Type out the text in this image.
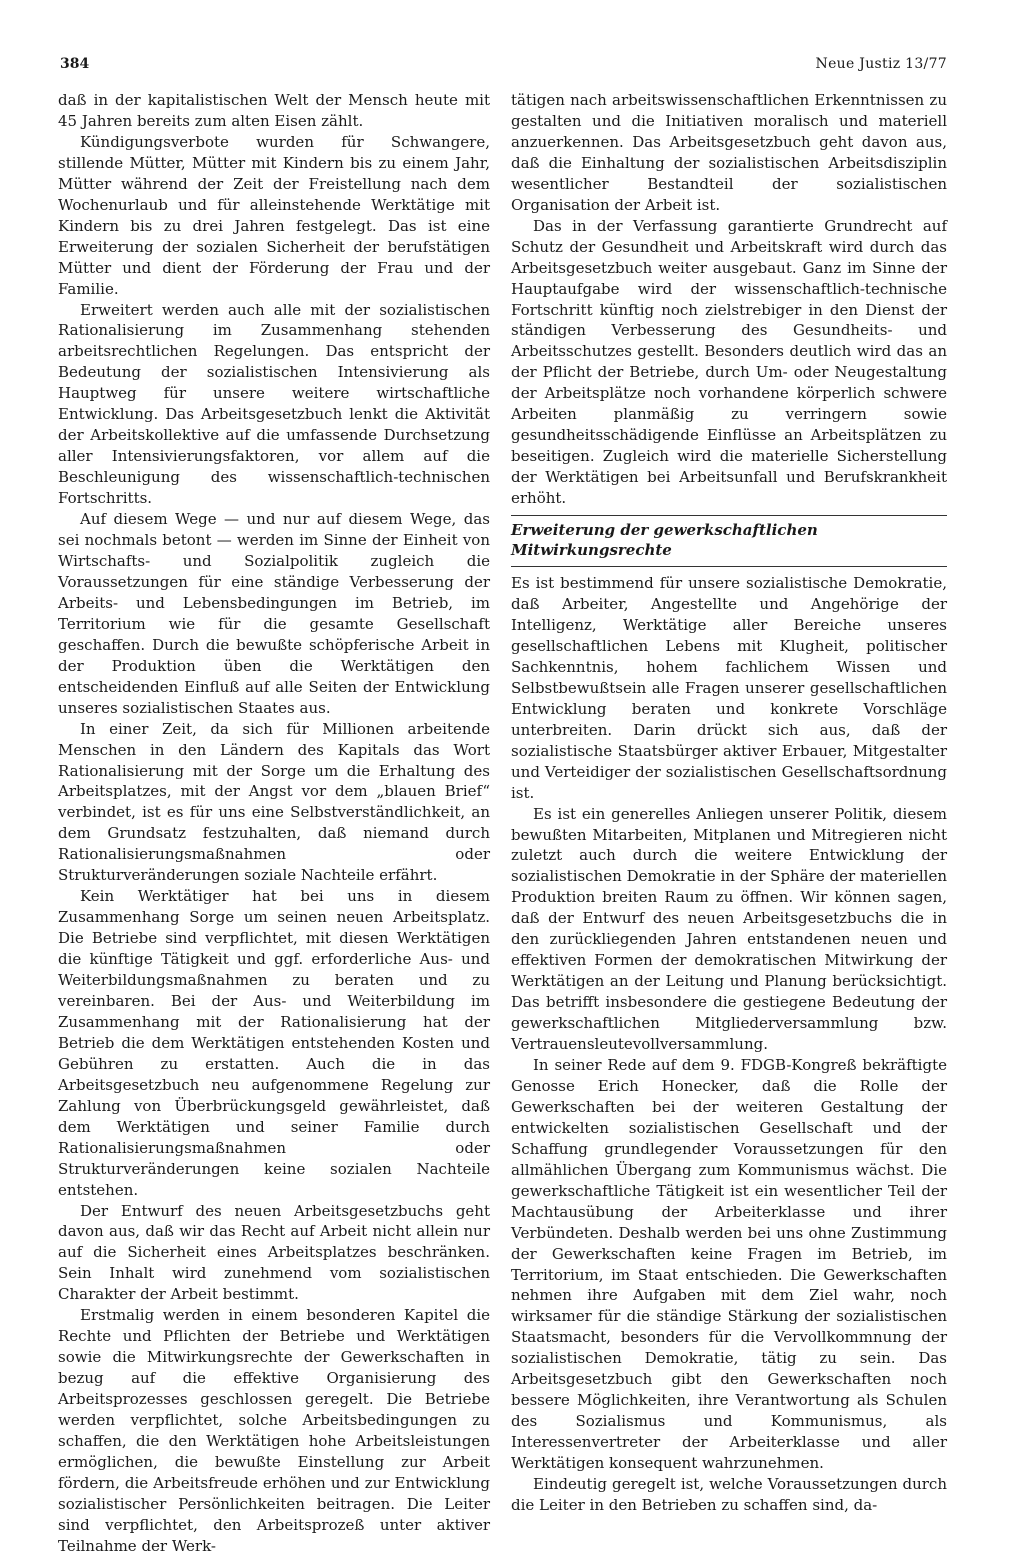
384	Neue Justiz 13/77

daß in der kapitalistischen Welt der Mensch heute mit 45 Jahren bereits zum alten Eisen zählt.

Kündigungsverbote wurden für Schwangere, stillende Mütter, Mütter mit Kindern bis zu einem Jahr, Mütter während der Zeit der Freistellung nach dem Wochenurlaub und für alleinstehende Werktätige mit Kindern bis zu drei Jahren festgelegt. Das ist eine Erweiterung der sozialen Sicherheit der berufstätigen Mütter und dient der Förderung der Frau und der Familie.

Erweitert werden auch alle mit der sozialistischen Rationalisierung im Zusammenhang stehenden arbeitsrechtlichen Regelungen. Das entspricht der Bedeutung der sozialistischen Intensivierung als Hauptweg für unsere weitere wirtschaftliche Entwicklung. Das Arbeitsgesetzbuch lenkt die Aktivität der Arbeitskollektive auf die umfassende Durchsetzung aller Intensivierungsfaktoren, vor allem auf die Beschleunigung des wissenschaftlich-technischen Fortschritts.

Auf diesem Wege — und nur auf diesem Wege, das sei nochmals betont — werden im Sinne der Einheit von Wirtschafts- und Sozialpolitik zugleich die Voraussetzungen für eine ständige Verbesserung der Arbeits- und Lebensbedingungen im Betrieb, im Territorium wie für die gesamte Gesellschaft geschaffen. Durch die bewußte schöpferische Arbeit in der Produktion üben die Werktätigen den entscheidenden Einfluß auf alle Seiten der Entwicklung unseres sozialistischen Staates aus.

In einer Zeit, da sich für Millionen arbeitende Menschen in den Ländern des Kapitals das Wort Rationalisierung mit der Sorge um die Erhaltung des Arbeitsplatzes, mit der Angst vor dem „blauen Brief“ verbindet, ist es für uns eine Selbstverständlichkeit, an dem Grundsatz festzuhalten, daß niemand durch Rationalisierungsmaßnahmen oder Strukturveränderungen soziale Nachteile erfährt.

Kein Werktätiger hat bei uns in diesem Zusammenhang Sorge um seinen neuen Arbeitsplatz. Die Betriebe sind verpflichtet, mit diesen Werktätigen die künftige Tätigkeit und ggf. erforderliche Aus- und Weiterbildungsmaßnahmen zu beraten und zu vereinbaren. Bei der Aus- und Weiterbildung im Zusammenhang mit der Rationalisierung hat der Betrieb die dem Werktätigen entstehenden Kosten und Gebühren zu erstatten. Auch die in das Arbeitsgesetzbuch neu aufgenommene Regelung zur Zahlung von Überbrückungsgeld gewährleistet, daß dem Werktätigen und seiner Familie durch Rationalisierungsmaßnahmen oder Strukturveränderungen keine sozialen Nachteile entstehen.

Der Entwurf des neuen Arbeitsgesetzbuchs geht davon aus, daß wir das Recht auf Arbeit nicht allein nur auf die Sicherheit eines Arbeitsplatzes beschränken. Sein Inhalt wird zunehmend vom sozialistischen Charakter der Arbeit bestimmt.

Erstmalig werden in einem besonderen Kapitel die Rechte und Pflichten der Betriebe und Werktätigen sowie die Mitwirkungsrechte der Gewerkschaften in bezug auf die effektive Organisierung des Arbeitsprozesses geschlossen geregelt. Die Betriebe werden verpflichtet, solche Arbeitsbedingungen zu schaffen, die den Werktätigen hohe Arbeitsleistungen ermöglichen, die bewußte Einstellung zur Arbeit fördern, die Arbeitsfreude erhöhen und zur Entwicklung sozialistischer Persönlichkeiten beitragen. Die Leiter sind verpflichtet, den Arbeitsprozeß unter aktiver Teilnahme der Werk-

tätigen nach arbeitswissenschaftlichen Erkenntnissen zu gestalten und die Initiativen moralisch und materiell anzuerkennen. Das Arbeitsgesetzbuch geht davon aus, daß die Einhaltung der sozialistischen Arbeitsdisziplin wesentlicher Bestandteil der sozialistischen Organisation der Arbeit ist.

Das in der Verfassung garantierte Grundrecht auf Schutz der Gesundheit und Arbeitskraft wird durch das Arbeitsgesetzbuch weiter ausgebaut. Ganz im Sinne der Hauptaufgabe wird der wissenschaftlich-technische Fortschritt künftig noch zielstrebiger in den Dienst der ständigen Verbesserung des Gesundheits- und Arbeitsschutzes gestellt. Besonders deutlich wird das an der Pflicht der Betriebe, durch Um- oder Neugestaltung der Arbeitsplätze noch vorhandene körperlich schwere Arbeiten planmäßig zu verringern sowie gesundheitsschädigende Einflüsse an Arbeitsplätzen zu beseitigen. Zugleich wird die materielle Sicherstellung der Werktätigen bei Arbeitsunfall und Berufskrankheit erhöht.

Erweiterung der gewerkschaftlichen Mitwirkungsrechte

Es ist bestimmend für unsere sozialistische Demokratie, daß Arbeiter, Angestellte und Angehörige der Intelligenz, Werktätige aller Bereiche unseres gesellschaftlichen Lebens mit Klugheit, politischer Sachkenntnis, hohem fachlichem Wissen und Selbstbewußtsein alle Fragen unserer gesellschaftlichen Entwicklung beraten und konkrete Vorschläge unterbreiten. Darin drückt sich aus, daß der sozialistische Staatsbürger aktiver Erbauer, Mitgestalter und Verteidiger der sozialistischen Gesellschaftsordnung ist.

Es ist ein generelles Anliegen unserer Politik, diesem bewußten Mitarbeiten, Mitplanen und Mitregieren nicht zuletzt auch durch die weitere Entwicklung der sozialistischen Demokratie in der Sphäre der materiellen Produktion breiten Raum zu öffnen. Wir können sagen, daß der Entwurf des neuen Arbeitsgesetzbuchs die in den zurückliegenden Jahren entstandenen neuen und effektiven Formen der demokratischen Mitwirkung der Werktätigen an der Leitung und Planung berücksichtigt. Das betrifft insbesondere die gestiegene Bedeutung der gewerkschaftlichen Mitgliederversammlung bzw. Vertrauensleutevollversammlung.

In seiner Rede auf dem 9. FDGB-Kongreß bekräftigte Genosse Erich Honecker, daß die Rolle der Gewerkschaften bei der weiteren Gestaltung der entwickelten sozialistischen Gesellschaft und der Schaffung grundlegender Voraussetzungen für den allmählichen Übergang zum Kommunismus wächst. Die gewerkschaftliche Tätigkeit ist ein wesentlicher Teil der Machtausübung der Arbeiterklasse und ihrer Verbündeten. Deshalb werden bei uns ohne Zustimmung der Gewerkschaften keine Fragen im Betrieb, im Territorium, im Staat entschieden. Die Gewerkschaften nehmen ihre Aufgaben mit dem Ziel wahr, noch wirksamer für die ständige Stärkung der sozialistischen Staatsmacht, besonders für die Vervollkommnung der sozialistischen Demokratie, tätig zu sein. Das Arbeitsgesetzbuch gibt den Gewerkschaften noch bessere Möglichkeiten, ihre Verantwortung als Schulen des Sozialismus und Kommunismus, als Interessenvertreter der Arbeiterklasse und aller Werktätigen konsequent wahrzunehmen.

Eindeutig geregelt ist, welche Voraussetzungen durch die Leiter in den Betrieben zu schaffen sind, da-
